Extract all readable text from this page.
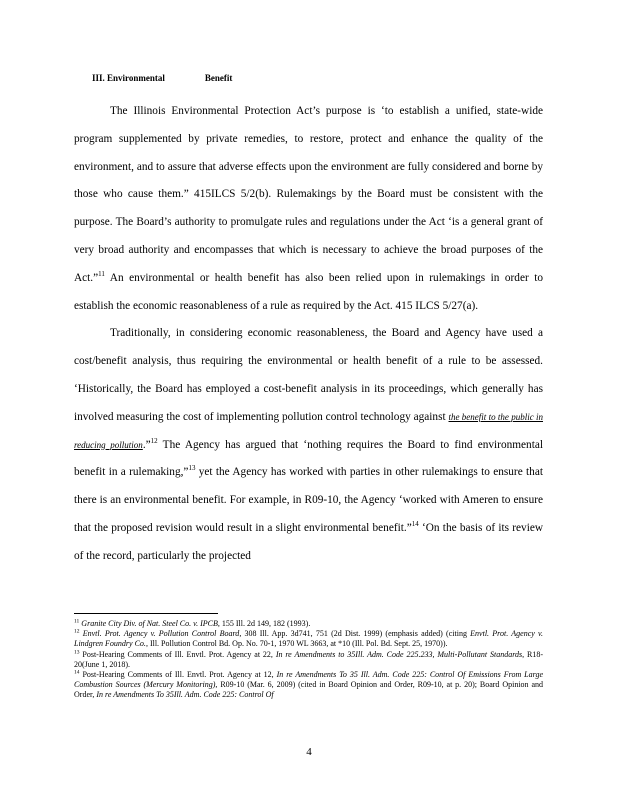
III. Environmental	Benefit

The Illinois Environmental Protection Act’s purpose is ‘to establish a unified, state-wide program supplemented by private remedies, to restore, protect and enhance the quality of the environment, and to assure that adverse effects upon the environment are fully considered and borne by those who cause them.” 415ILCS 5/2(b). Rulemakings by the Board must be consistent with the purpose. The Board’s authority to promulgate rules and regulations under the Act ‘is a general grant of very broad authority and encompasses that which is necessary to achieve the broad purposes of the Act.”$^{11}$ An environmental or health benefit has also been relied upon in rulemakings in order to establish the economic reasonableness of a rule as required by the Act. 415 ILCS 5/27(a).

Traditionally, in considering economic reasonableness, the Board and Agency have used a cost/benefit analysis, thus requiring the environmental or health benefit of a rule to be assessed. ‘Historically, the Board has employed a cost-benefit analysis in its proceedings, which generally has involved measuring the cost of implementing pollution control technology against the benefit to the public in reducing pollution.”$^{12}$ The Agency has argued that ‘nothing requires the Board to find environmental benefit in a rulemaking,”$^{13}$ yet the Agency has worked with parties in other rulemakings to ensure that there is an environmental benefit. For example, in R09-10, the Agency ‘worked with Ameren to ensure that the proposed revision would result in a slight environmental benefit.”$^{14}$ ‘On the basis of its review of the record, particularly the projected

$^{11}$ Granite City Div. of Nat. Steel Co. v. IPCB, 155 Ill. 2d 149, 182 (1993).
$^{12}$ Envtl. Prot. Agency v. Pollution Control Board, 308 Ill. App. 3d741, 751 (2d Dist. 1999) (emphasis added) (citing Envtl. Prot. Agency v. Lindgren Foundry Co., Ill. Pollution Control Bd. Op. No. 70-1, 1970 WL 3663, at *10 (Ill. Pol. Bd. Sept. 25, 1970)).
$^{13}$ Post-Hearing Comments of Ill. Envtl. Prot. Agency at 22, In re Amendments to 35Ill. Adm. Code 225.233, Multi-Pollutant Standards, R18-20(June 1, 2018).
$^{14}$ Post-Hearing Comments of Ill. Envtl. Prot. Agency at 12, In re Amendments To 35 Ill. Adm. Code 225: Control Of Emissions From Large Combustion Sources (Mercury Monitoring), R09-10 (Mar. 6, 2009) (cited in Board Opinion and Order, R09-10, at p. 20); Board Opinion and Order, In re Amendments To 35Ill. Adm. Code 225: Control Of
4
